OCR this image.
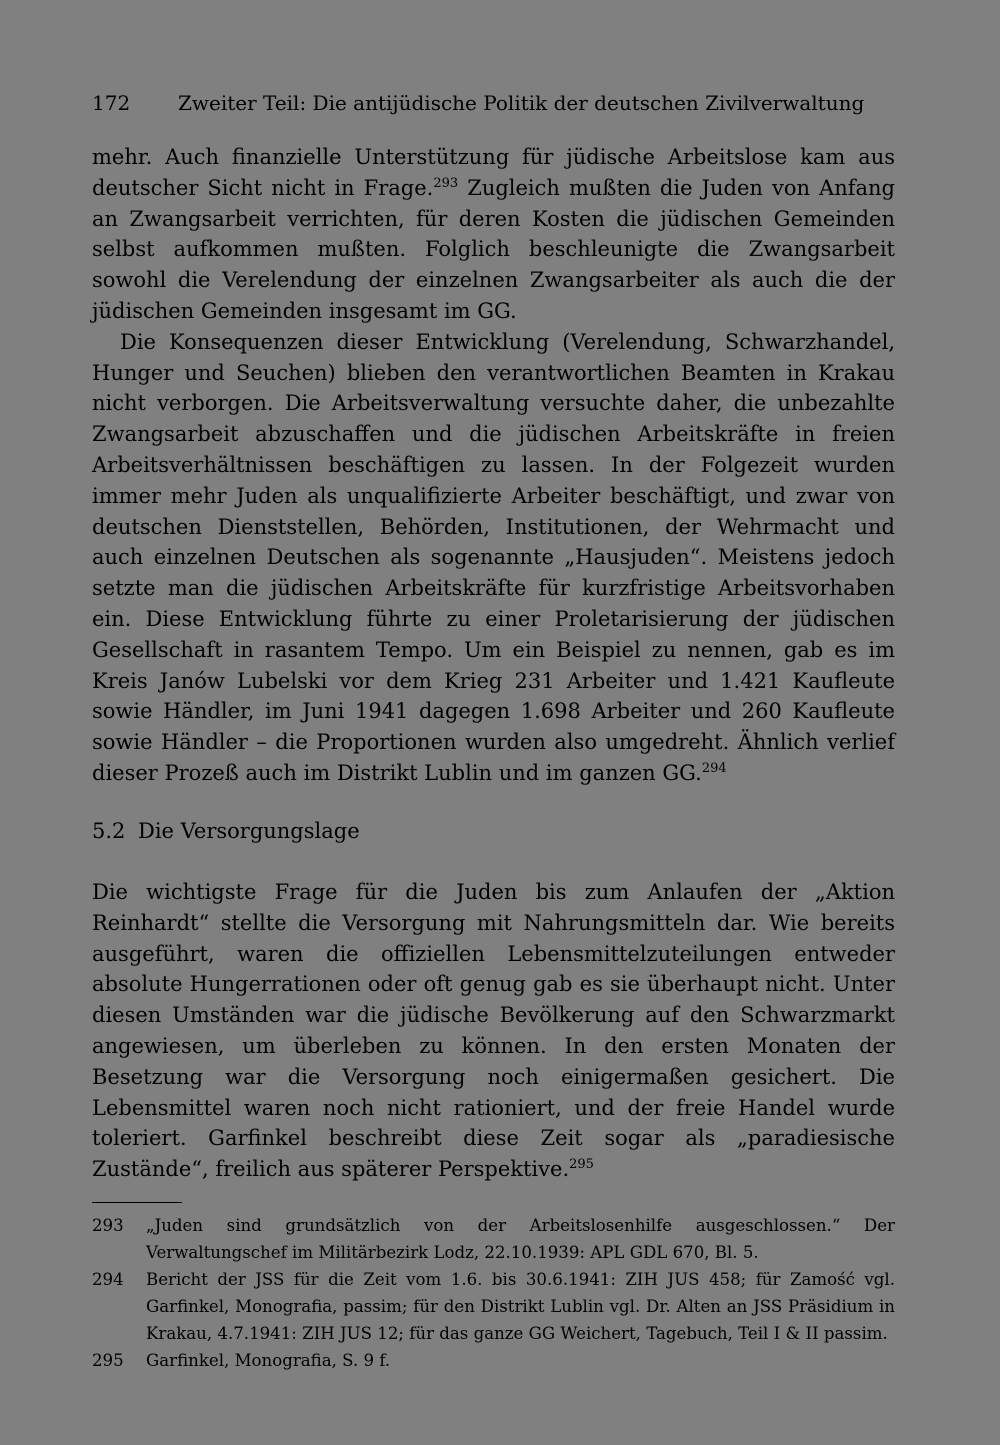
172 Zweiter Teil: Die antijüdische Politik der deutschen Zivilverwaltung

mehr. Auch finanzielle Unterstützung für jüdische Arbeitslose kam aus deutscher Sicht nicht in Frage.$^{293}$ Zugleich mußten die Juden von Anfang an Zwangsarbeit verrichten, für deren Kosten die jüdischen Gemeinden selbst aufkommen mußten. Folglich beschleunigte die Zwangsarbeit sowohl die Verelendung der einzelnen Zwangsarbeiter als auch die der jüdischen Gemeinden insgesamt im GG.

Die Konsequenzen dieser Entwicklung (Verelendung, Schwarzhandel, Hunger und Seuchen) blieben den verantwortlichen Beamten in Krakau nicht verborgen. Die Arbeitsverwaltung versuchte daher, die unbezahlte Zwangsarbeit abzuschaffen und die jüdischen Arbeitskräfte in freien Arbeitsverhältnissen beschäftigen zu lassen. In der Folgezeit wurden immer mehr Juden als unqualifizierte Arbeiter beschäftigt, und zwar von deutschen Dienststellen, Behörden, Institutionen, der Wehrmacht und auch einzelnen Deutschen als sogenannte „Hausjuden“. Meistens jedoch setzte man die jüdischen Arbeitskräfte für kurzfristige Arbeitsvorhaben ein. Diese Entwicklung führte zu einer Proletarisierung der jüdischen Gesellschaft in rasantem Tempo. Um ein Beispiel zu nennen, gab es im Kreis Janów Lubelski vor dem Krieg 231 Arbeiter und 1.421 Kaufleute sowie Händler, im Juni 1941 dagegen 1.698 Arbeiter und 260 Kaufleute sowie Händler – die Proportionen wurden also umgedreht. Ähnlich verlief dieser Prozeß auch im Distrikt Lublin und im ganzen GG.$^{294}$

5.2 Die Versorgungslage

Die wichtigste Frage für die Juden bis zum Anlaufen der „Aktion Reinhardt“ stellte die Versorgung mit Nahrungsmitteln dar. Wie bereits ausgeführt, waren die offiziellen Lebensmittelzuteilungen entweder absolute Hungerrationen oder oft genug gab es sie überhaupt nicht. Unter diesen Umständen war die jüdische Bevölkerung auf den Schwarzmarkt angewiesen, um überleben zu können. In den ersten Monaten der Besetzung war die Versorgung noch einigermaßen gesichert. Die Lebensmittel waren noch nicht rationiert, und der freie Handel wurde toleriert. Garfinkel beschreibt diese Zeit sogar als „paradiesische Zustände“, freilich aus späterer Perspektive.$^{295}$

293 „Juden sind grundsätzlich von der Arbeitslosenhilfe ausgeschlossen.“ Der Verwaltungschef im Militärbezirk Lodz, 22.10.1939: APL GDL 670, Bl. 5.
294 Bericht der JSS für die Zeit vom 1.6. bis 30.6.1941: ZIH JUS 458; für Zamość vgl. Garfinkel, Monografia, passim; für den Distrikt Lublin vgl. Dr. Alten an JSS Präsidium in Krakau, 4.7.1941: ZIH JUS 12; für das ganze GG Weichert, Tagebuch, Teil I & II passim.
295 Garfinkel, Monografia, S. 9 f.
